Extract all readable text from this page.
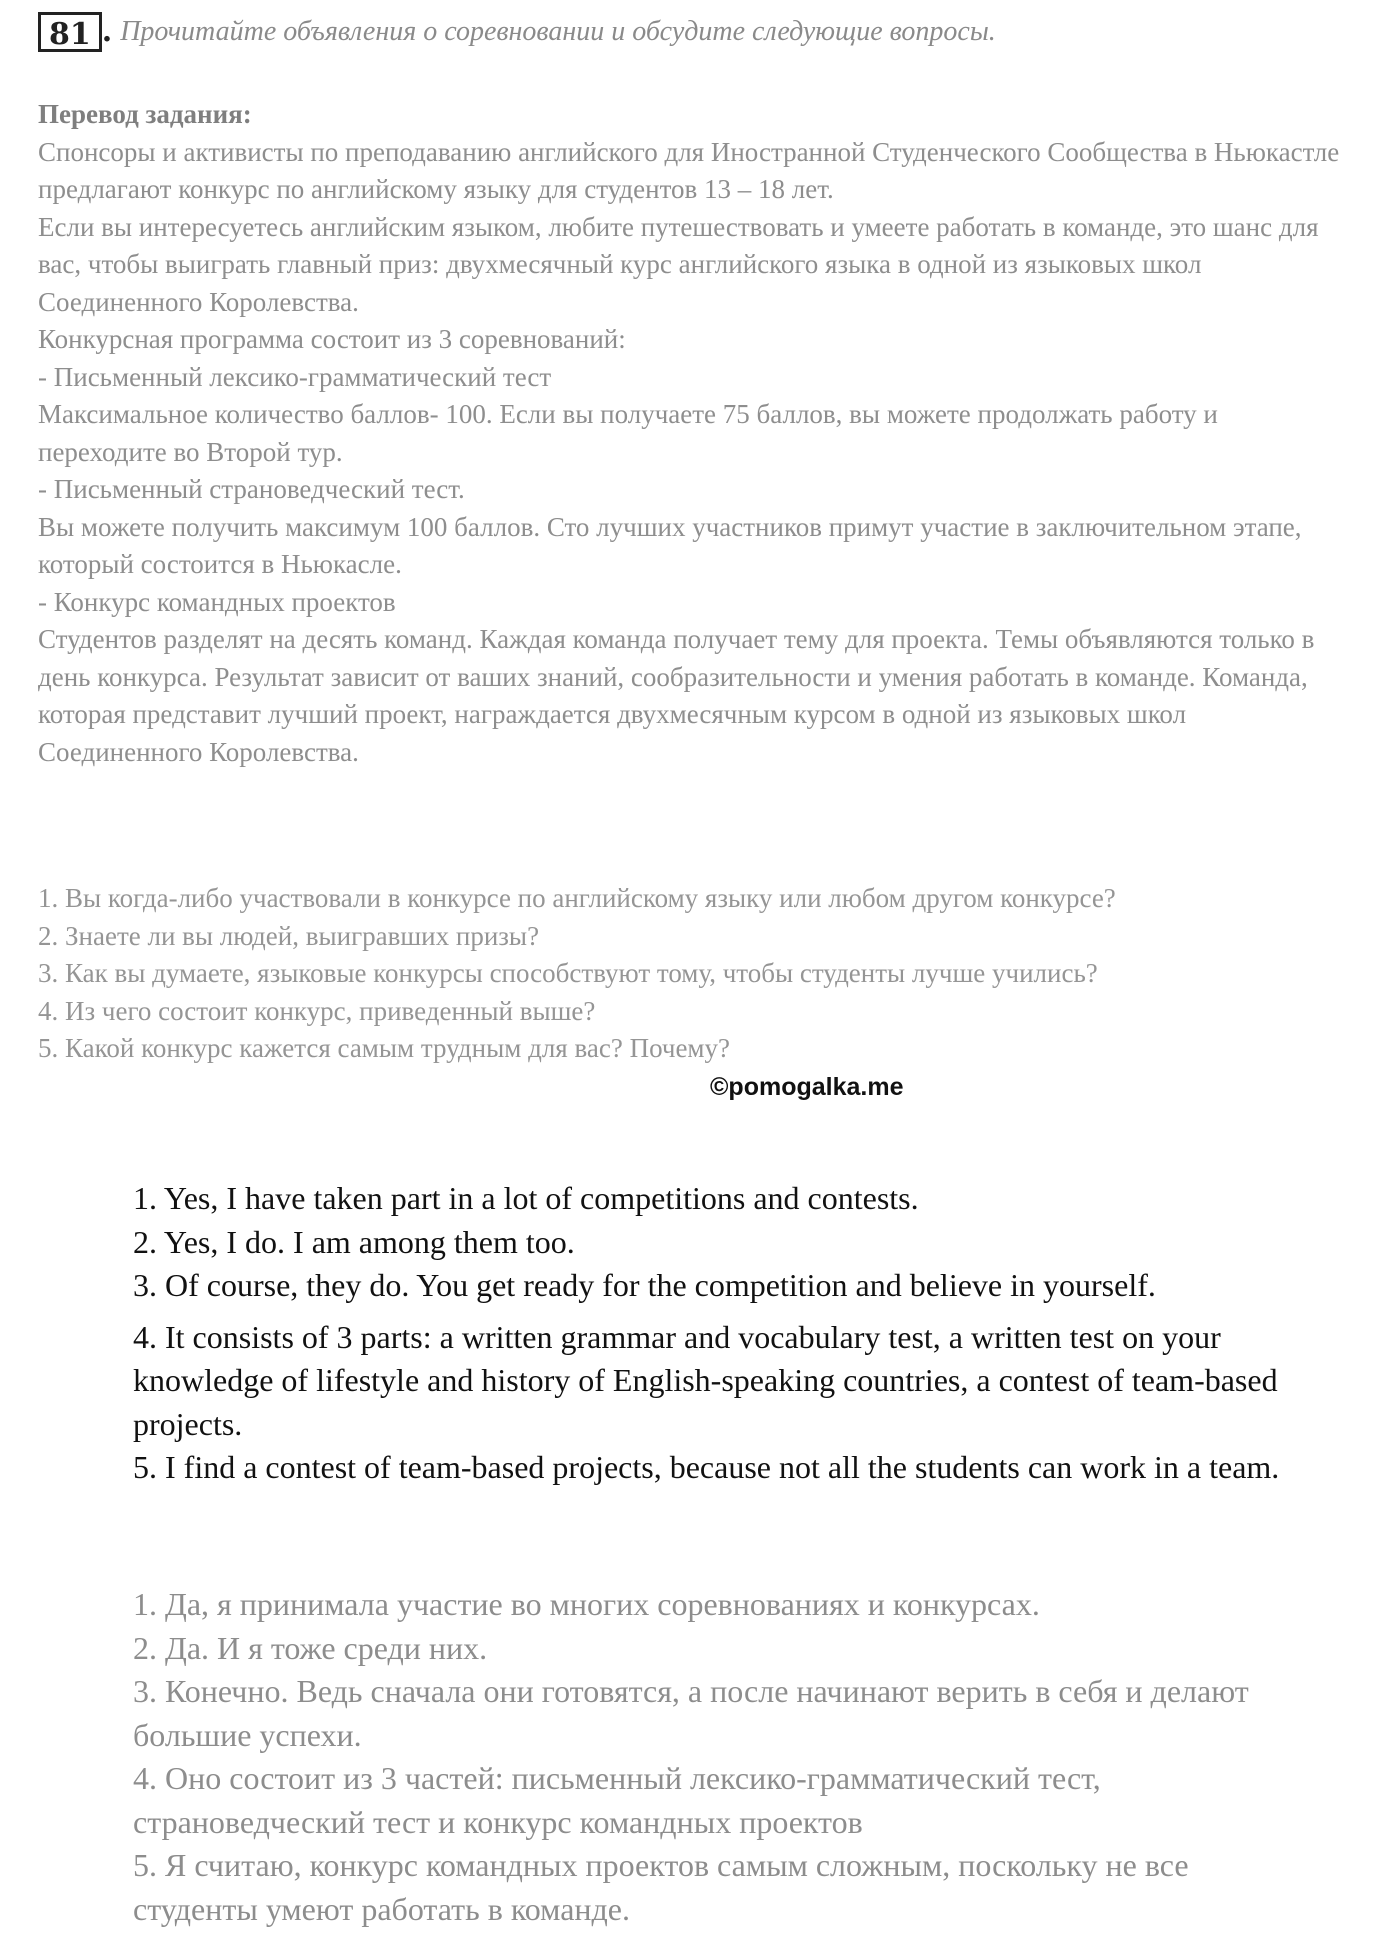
81 . Прочитайте объявления о соревновании и обсудите следующие вопросы.

Перевод задания:

Спонсоры и активисты по преподаванию английского для Иностранной Студенческого Сообщества в Ньюкастле предлагают конкурс по английскому языку для студентов 13 – 18 лет.

Если вы интересуетесь английским языком, любите путешествовать и умеете работать в команде, это шанс для вас, чтобы выиграть главный приз: двухмесячный курс английского языка в одной из языковых школ Соединенного Королевства.

Конкурсная программа состоит из 3 соревнований:

- Письменный лексико-грамматический тест

Максимальное количество баллов- 100. Если вы получаете 75 баллов, вы можете продолжать работу и переходите во Второй тур.

- Письменный страноведческий тест.

Вы можете получить максимум 100 баллов. Сто лучших участников примут участие в заключительном этапе, который состоится в Ньюкасле.

- Конкурс командных проектов

Студентов разделят на десять команд. Каждая команда получает тему для проекта. Темы объявляются только в день конкурса. Результат зависит от ваших знаний, сообразительности и умения работать в команде. Команда, которая представит лучший проект, награждается двухмесячным курсом в одной из языковых школ Соединенного Королевства.

1. Вы когда-либо участвовали в конкурсе по английскому языку или любом другом конкурсе?

2. Знаете ли вы людей, выигравших призы?

3. Как вы думаете, языковые конкурсы способствуют тому, чтобы студенты лучше учились?

4. Из чего состоит конкурс, приведенный выше?

5. Какой конкурс кажется самым трудным для вас? Почему?

©pomogalka.me

1. Yes, I have taken part in a lot of competitions and contests.

2. Yes, I do. I am among them too.

3. Of course, they do. You get ready for the competition and believe in yourself.

4. It consists of 3 parts: a written grammar and vocabulary test, a written test on your knowledge of lifestyle and history of English-speaking countries, a contest of team-based projects.

5. I find a contest of team-based projects, because not all the students can work in a team.

1. Да, я принимала участие во многих соревнованиях и конкурсах.

2. Да. И я тоже среди них.

3. Конечно. Ведь сначала они готовятся, а после начинают верить в себя и делают большие успехи.

4. Оно состоит из 3 частей: письменный лексико-грамматический тест, страноведческий тест и конкурс командных проектов

5. Я считаю, конкурс командных проектов самым сложным, поскольку не все студенты умеют работать в команде.
